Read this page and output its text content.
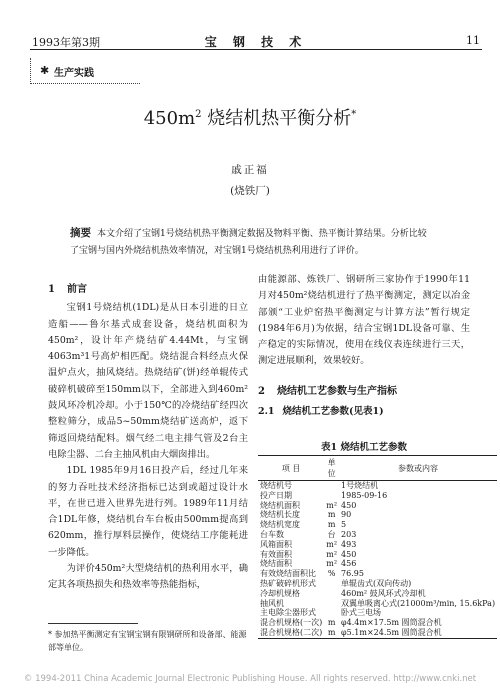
1993年第3期	宝 钢 技 术	11
✱ 生产实践
$450m^2$ 烧结机热平衡分析*
戚正福
(烧铁厂)
摘要 本文介绍了宝钢1号烧结机热平衡测定数据及物料平衡、热平衡计算结果。分析比较了宝钢与国内外烧结机热效率情况，对宝钢1号烧结机热利用进行了评价。
1 前言

宝钢1号烧结机(1DL)是从日本引进的日立造船——鲁尔基式成套设备，烧结机面积为450m²，设计年产烧结矿4.44Mt，与宝钢4063m³1号高炉相匹配。烧结混合料经点火保温炉点火，抽风烧结。热烧结矿(饼)经单辊传式破碎机破碎至150mm以下，全部进入到460m²鼓风环冷机冷却。小于150℃的冷烧结矿经四次整粒筛分，成品5~50mm烧结矿送高炉，返下筛返回烧结配料。烟气经二电主排气管及2台主电除尘器、二台主抽风机由大烟囱排出。

1DL 1985年9月16日投产后，经过几年来的努力吞吐技术经济指标已达到或超过设计水平，在世已进入世界先进行列。1989年11月结合1DL年修，烧结机台车台板由500mm提高到620mm，推行厚料层操作，使烧结工序能耗进一步降低。

为评价450m²大型烧结机的热利用水平，确定其各项热损失和热效率等热能指标，

* 参加热平衡测定有宝钢宝钢有限钢研所和设备部、能源部等单位。

由能源部、炼铁厂、钢研所三家协作于1990年11月对450m²烧结机进行了热平衡测定，测定以冶金部颁“工业炉窑热平衡测定与计算方法”暂行规定(1984年6月)为依据，结合宝钢1DL设备可靠、生产稳定的实际情况，使用在线仪表连续进行三天，测定进展顺利，效果较好。

2 烧结机工艺参数与生产指标
2.1 烧结机工艺参数(见表1)
表1 烧结机工艺参数
项 目	单位	参数或内容
烧结机号		1号烧结机
投产日期		1985-09-16
烧结机面积	m²	450
烧结机长度	m	90
烧结机宽度	m	5
台车数	台	203
风箱面积	m²	493
有效面积	m²	450
烧结面积	m²	456
有效烧结面积比	%	76.95
热矿破碎机形式		单辊齿式(双向传动)
冷却机规格		460m² 鼓风环式冷却机
抽风机		双翼单吸离心式(21000m³/min, 15.6kPa)
主电除尘器形式		卧式三电场
混合机规格(一次)	m	φ4.4m×17.5m 圆筒混合机
混合机规格(二次)	m	φ5.1m×24.5m 圆筒混合机
© 1994-2011 China Academic Journal Electronic Publishing House. All rights reserved. http://www.cnki.net
